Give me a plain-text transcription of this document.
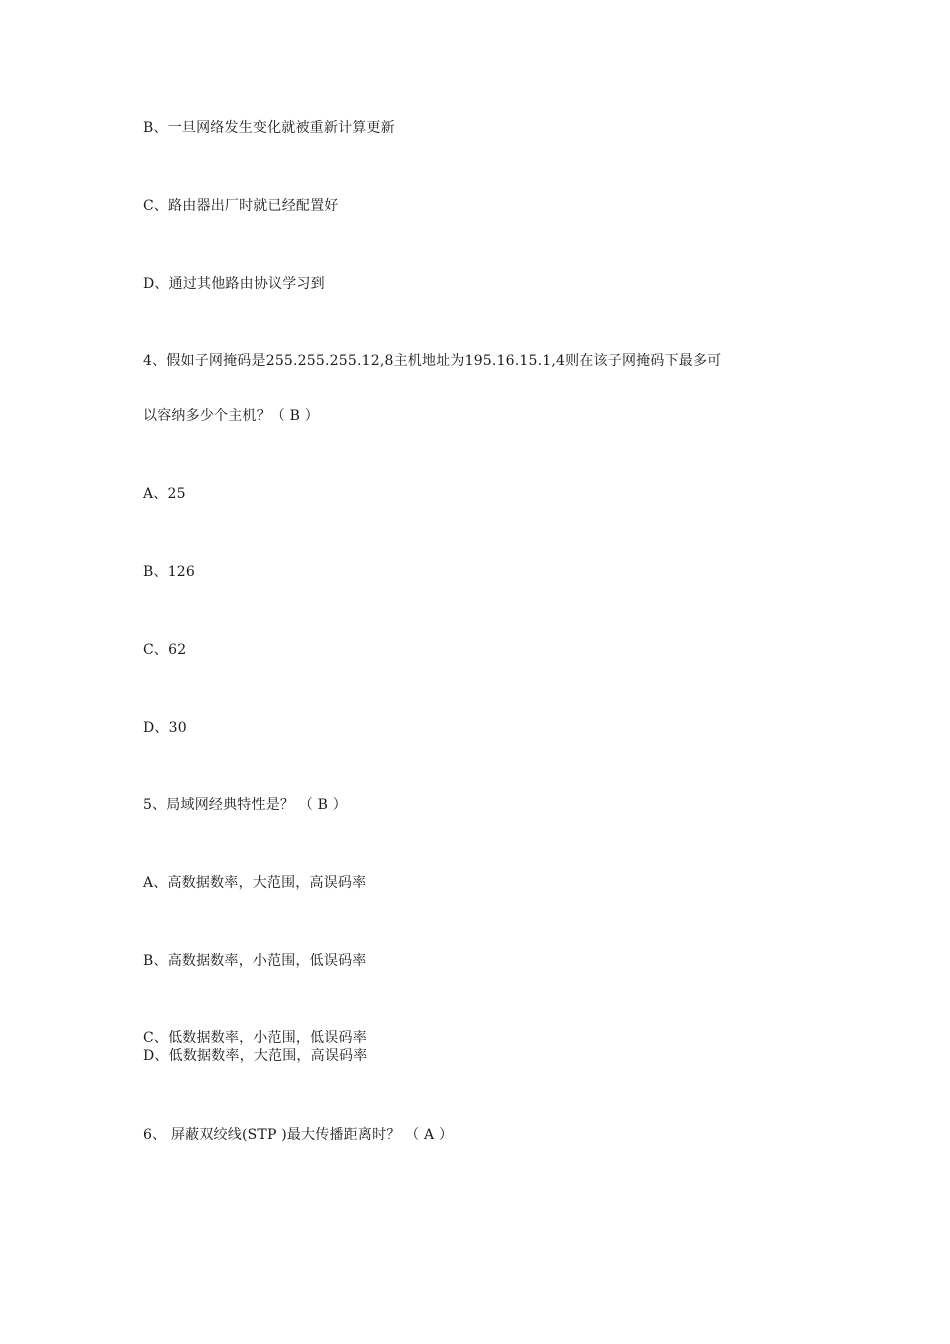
B、一旦网络发生变化就被重新计算更新
C、路由器出厂时就已经配置好
D、通过其他路由协议学习到
4、假如子网掩码是255.255.255.12,8主机地址为195.16.15.1,4则在该子网掩码下最多可
以容纳多少个主机？（ B ）
A、25
B、126
C、62
D、30
5、局域网经典特性是？ （ B ）
A、高数据数率，大范围，高误码率
B、高数据数率，小范围，低误码率
C、低数据数率，小范围，低误码率
D、低数据数率，大范围，高误码率
6、 屏蔽双绞线(STP )最大传播距离时？ （ A ）
